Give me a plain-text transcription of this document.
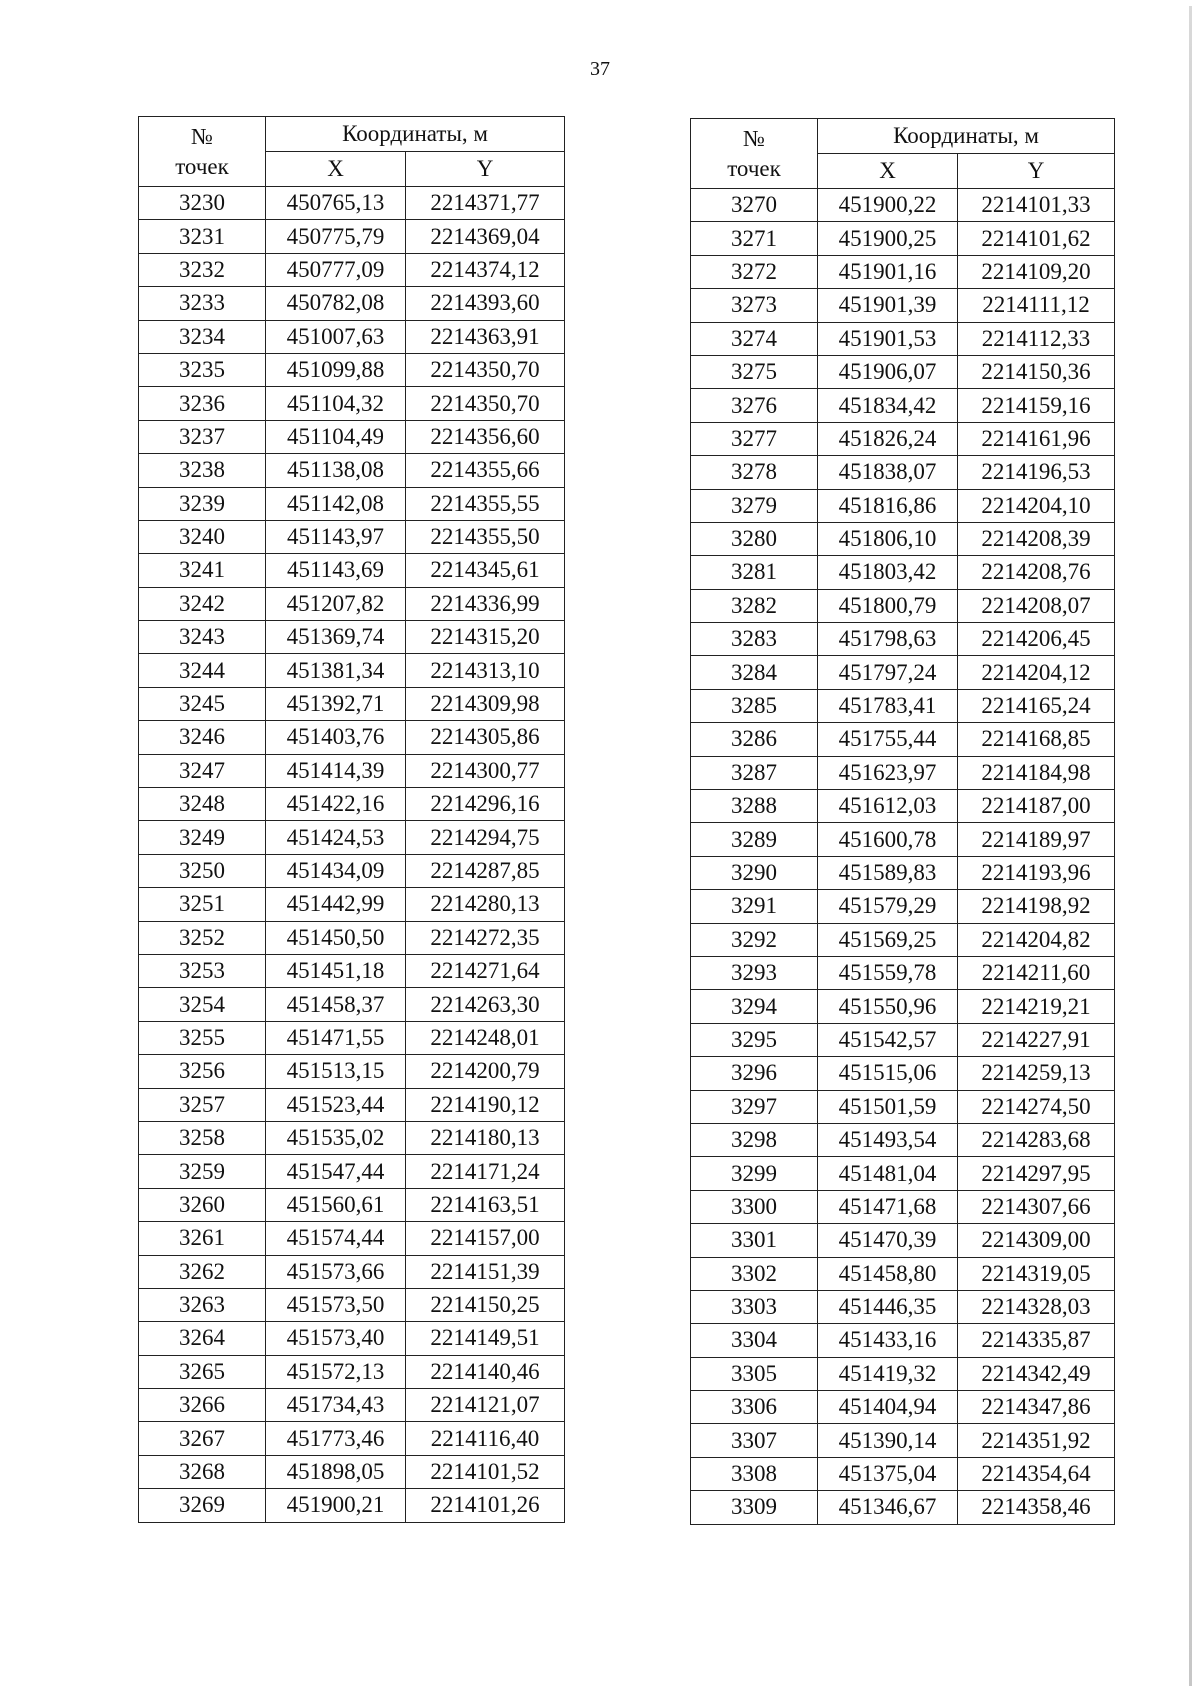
37
№
точек	Координаты, м	
	X	Y
3230	450765,13	2214371,77
3231	450775,79	2214369,04
3232	450777,09	2214374,12
3233	450782,08	2214393,60
3234	451007,63	2214363,91
3235	451099,88	2214350,70
3236	451104,32	2214350,70
3237	451104,49	2214356,60
3238	451138,08	2214355,66
3239	451142,08	2214355,55
3240	451143,97	2214355,50
3241	451143,69	2214345,61
3242	451207,82	2214336,99
3243	451369,74	2214315,20
3244	451381,34	2214313,10
3245	451392,71	2214309,98
3246	451403,76	2214305,86
3247	451414,39	2214300,77
3248	451422,16	2214296,16
3249	451424,53	2214294,75
3250	451434,09	2214287,85
3251	451442,99	2214280,13
3252	451450,50	2214272,35
3253	451451,18	2214271,64
3254	451458,37	2214263,30
3255	451471,55	2214248,01
3256	451513,15	2214200,79
3257	451523,44	2214190,12
3258	451535,02	2214180,13
3259	451547,44	2214171,24
3260	451560,61	2214163,51
3261	451574,44	2214157,00
3262	451573,66	2214151,39
3263	451573,50	2214150,25
3264	451573,40	2214149,51
3265	451572,13	2214140,46
3266	451734,43	2214121,07
3267	451773,46	2214116,40
3268	451898,05	2214101,52
3269	451900,21	2214101,26
№
точек	Координаты, м	
	X	Y
3270	451900,22	2214101,33
3271	451900,25	2214101,62
3272	451901,16	2214109,20
3273	451901,39	2214111,12
3274	451901,53	2214112,33
3275	451906,07	2214150,36
3276	451834,42	2214159,16
3277	451826,24	2214161,96
3278	451838,07	2214196,53
3279	451816,86	2214204,10
3280	451806,10	2214208,39
3281	451803,42	2214208,76
3282	451800,79	2214208,07
3283	451798,63	2214206,45
3284	451797,24	2214204,12
3285	451783,41	2214165,24
3286	451755,44	2214168,85
3287	451623,97	2214184,98
3288	451612,03	2214187,00
3289	451600,78	2214189,97
3290	451589,83	2214193,96
3291	451579,29	2214198,92
3292	451569,25	2214204,82
3293	451559,78	2214211,60
3294	451550,96	2214219,21
3295	451542,57	2214227,91
3296	451515,06	2214259,13
3297	451501,59	2214274,50
3298	451493,54	2214283,68
3299	451481,04	2214297,95
3300	451471,68	2214307,66
3301	451470,39	2214309,00
3302	451458,80	2214319,05
3303	451446,35	2214328,03
3304	451433,16	2214335,87
3305	451419,32	2214342,49
3306	451404,94	2214347,86
3307	451390,14	2214351,92
3308	451375,04	2214354,64
3309	451346,67	2214358,46
